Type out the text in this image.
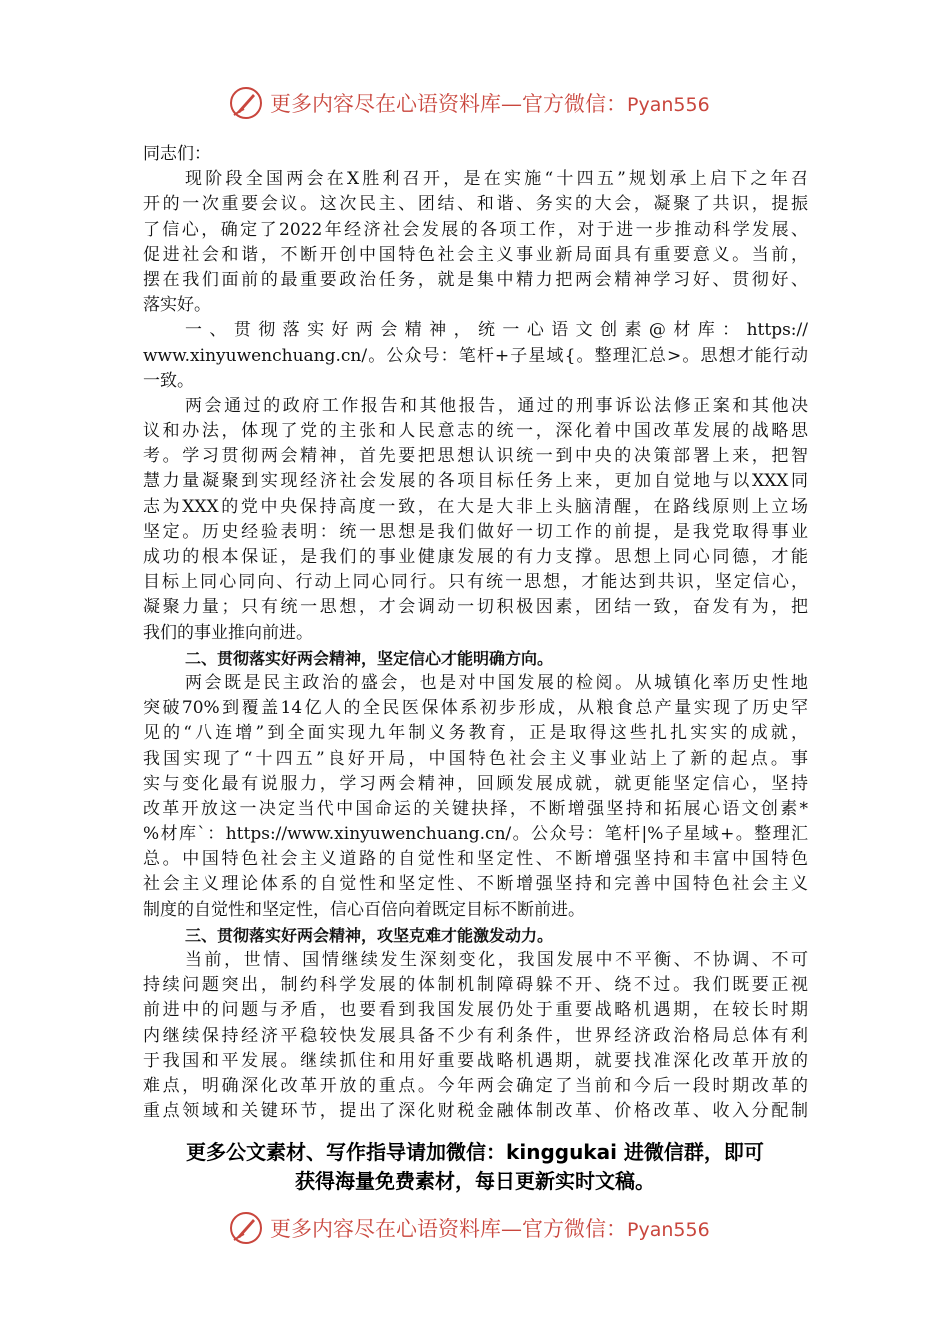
更多内容尽在心语资料库—官方微信：Pyan556
同志们：
现阶段全国两会在X胜利召开，是在实施“十四五”规划承上启下之年召
开的一次重要会议。这次民主、团结、和谐、务实的大会，凝聚了共识，提振
了信心，确定了2022年经济社会发展的各项工作，对于进一步推动科学发展、
促进社会和谐，不断开创中国特色社会主义事业新局面具有重要意义。当前，
摆在我们面前的最重要政治任务，就是集中精力把两会精神学习好、贯彻好、
落实好。
一、贯彻落实好两会精神，统一心语文创素@材库：https://
www.xinyuwenchuang.cn/。公众号：笔杆+子星域{。整理汇总>。思想才能行动
一致。
两会通过的政府工作报告和其他报告，通过的刑事诉讼法修正案和其他决
议和办法，体现了党的主张和人民意志的统一，深化着中国改革发展的战略思
考。学习贯彻两会精神，首先要把思想认识统一到中央的决策部署上来，把智
慧力量凝聚到实现经济社会发展的各项目标任务上来，更加自觉地与以XXX同
志为XXX的党中央保持高度一致，在大是大非上头脑清醒，在路线原则上立场
坚定。历史经验表明：统一思想是我们做好一切工作的前提，是我党取得事业
成功的根本保证，是我们的事业健康发展的有力支撑。思想上同心同德，才能
目标上同心同向、行动上同心同行。只有统一思想，才能达到共识，坚定信心，
凝聚力量；只有统一思想，才会调动一切积极因素，团结一致，奋发有为，把
我们的事业推向前进。
二、贯彻落实好两会精神，坚定信心才能明确方向。
两会既是民主政治的盛会，也是对中国发展的检阅。从城镇化率历史性地
突破70%到覆盖14亿人的全民医保体系初步形成，从粮食总产量实现了历史罕
见的“八连增”到全面实现九年制义务教育，正是取得这些扎扎实实的成就，
我国实现了“十四五”良好开局，中国特色社会主义事业站上了新的起点。事
实与变化最有说服力，学习两会精神，回顾发展成就，就更能坚定信心，坚持
改革开放这一决定当代中国命运的关键抉择，不断增强坚持和拓展心语文创素*
%材库`：https://www.xinyuwenchuang.cn/。公众号：笔杆|%子星域+。整理汇
总。中国特色社会主义道路的自觉性和坚定性、不断增强坚持和丰富中国特色
社会主义理论体系的自觉性和坚定性、不断增强坚持和完善中国特色社会主义
制度的自觉性和坚定性，信心百倍向着既定目标不断前进。
三、贯彻落实好两会精神，攻坚克难才能激发动力。
当前，世情、国情继续发生深刻变化，我国发展中不平衡、不协调、不可
持续问题突出，制约科学发展的体制机制障碍躲不开、绕不过。我们既要正视
前进中的问题与矛盾，也要看到我国发展仍处于重要战略机遇期，在较长时期
内继续保持经济平稳较快发展具备不少有利条件，世界经济政治格局总体有利
于我国和平发展。继续抓住和用好重要战略机遇期，就要找准深化改革开放的
难点，明确深化改革开放的重点。今年两会确定了当前和今后一段时期改革的
重点领域和关键环节，提出了深化财税金融体制改革、价格改革、收入分配制
更多公文素材、写作指导请加微信：kinggukai 进微信群，即可
获得海量免费素材，每日更新实时文稿。
更多内容尽在心语资料库—官方微信：Pyan556
